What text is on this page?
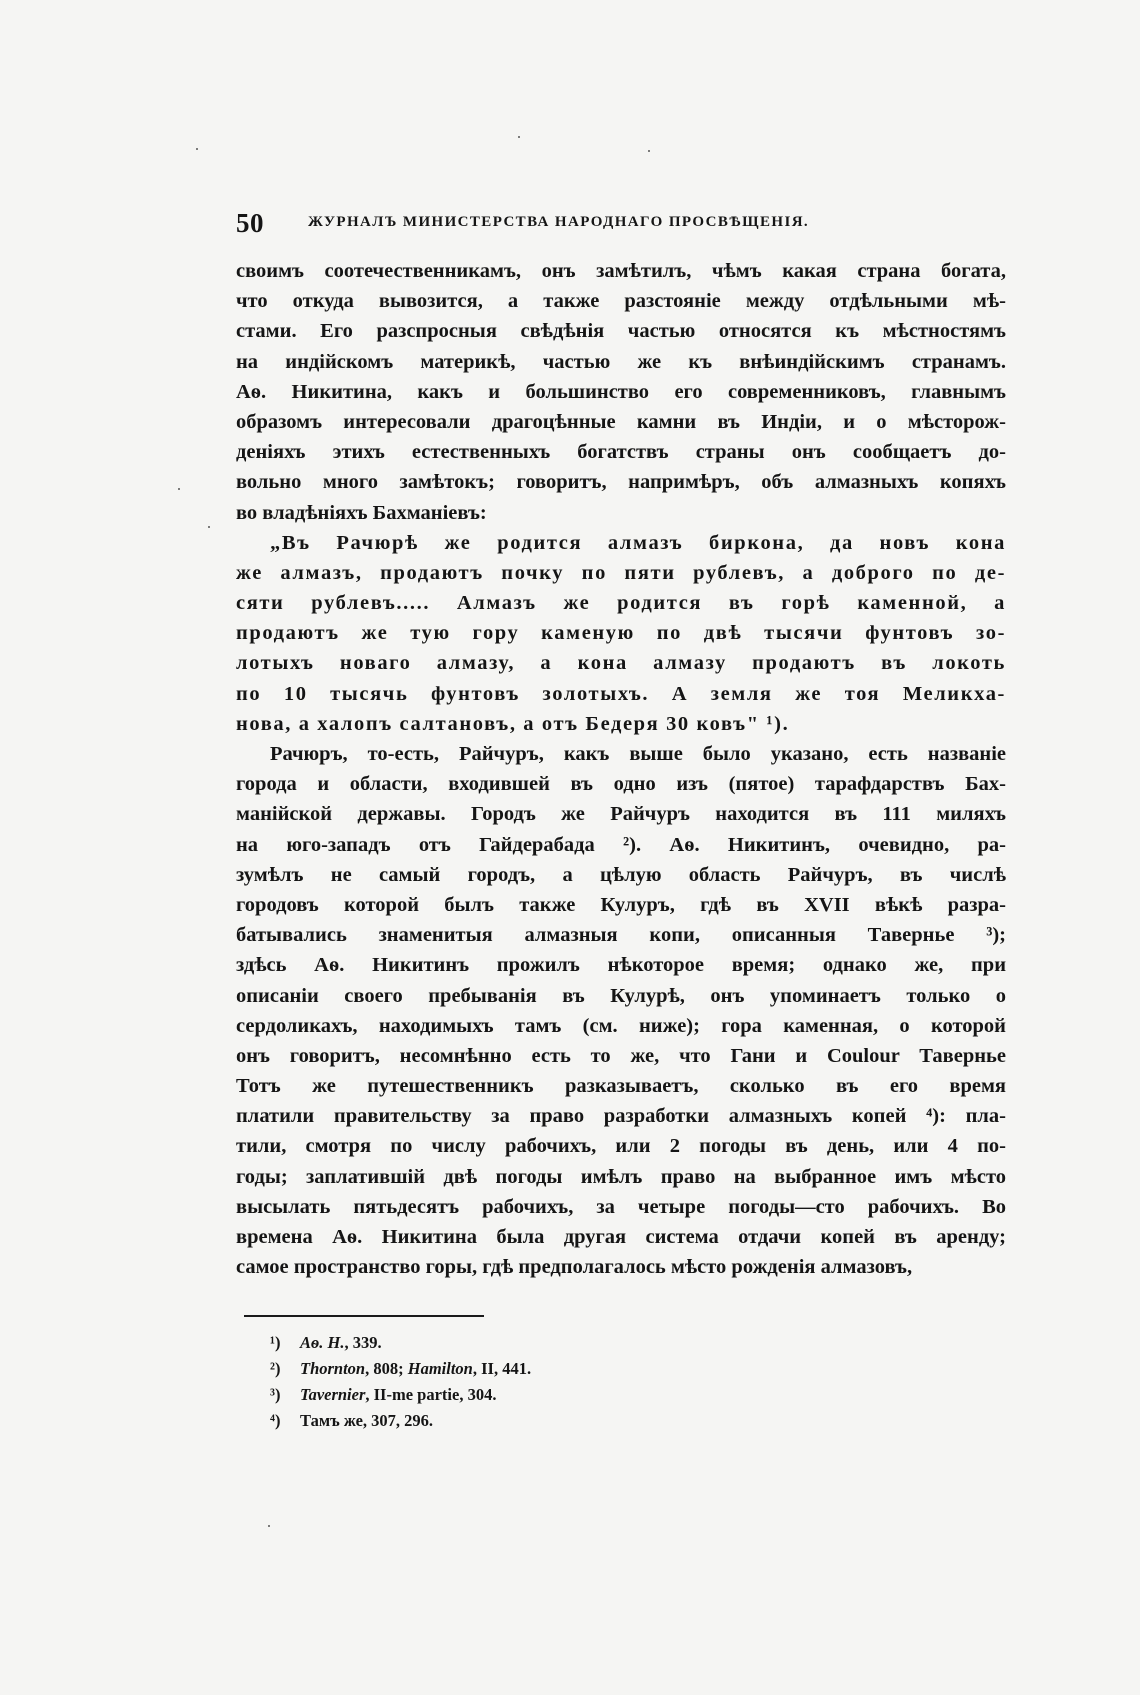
50	ЖУРНАЛЪ МИНИСТЕРСТВА НАРОДНАГО ПРОСВѢЩЕНІЯ.
своимъ соотечественникамъ, онъ замѣтилъ, чѣмъ какая страна богата,
что откуда вывозится, а также разстояніе между отдѣльными мѣ-
стами. Его разспросныя свѣдѣнія частью относятся къ мѣстностямъ
на индійскомъ материкѣ, частью же къ внѣиндійскимъ странамъ.
Аѳ. Никитина, какъ и большинство его современниковъ, главнымъ
образомъ интересовали драгоцѣнные камни въ Индіи, и о мѣсторож-
деніяхъ этихъ естественныхъ богатствъ страны онъ сообщаетъ до-
вольно много замѣтокъ; говоритъ, напримѣръ, объ алмазныхъ копяхъ
во владѣніяхъ Бахманіевъ:
„Въ Рачюрѣ же родится алмазъ биркона, да новъ кона
же алмазъ, продаютъ почку по пяти рублевъ, а доброго по де-
сяти рублевъ..... Алмазъ же родится въ горѣ каменной, а
продаютъ же тую гору каменую по двѣ тысячи фунтовъ зо-
лотыхъ новаго алмазу, а кона алмазу продаютъ въ локоть
по 10 тысячь фунтовъ золотыхъ. А земля же тоя Меликха-
нова, а халопъ салтановъ, а отъ Бедеря 30 ковъ" ¹).
Рачюръ, то-есть, Райчуръ, какъ выше было указано, есть названіе
города и области, входившей въ одно изъ (пятое) тарафдарствъ Бах-
манійской державы. Городъ же Райчуръ находится въ 111 миляхъ
на юго-западъ отъ Гайдерабада ²). Аѳ. Никитинъ, очевидно, ра-
зумѣлъ не самый городъ, а цѣлую область Райчуръ, въ числѣ
городовъ которой былъ также Кулуръ, гдѣ въ XVII вѣкѣ разра-
батывались знаменитыя алмазныя копи, описанныя Тавернье ³);
здѣсь Аѳ. Никитинъ прожилъ нѣкоторое время; однако же, при
описаніи своего пребыванія въ Кулурѣ, онъ упоминаетъ только о
сердоликахъ, находимыхъ тамъ (см. ниже); гора каменная, о которой
онъ говоритъ, несомнѣнно есть то же, что Гани и Coulour Тавернье
Тотъ же путешественникъ разказываетъ, сколько въ его время
платили правительству за право разработки алмазныхъ копей ⁴): пла-
тили, смотря по числу рабочихъ, или 2 погоды въ день, или 4 по-
годы; заплатившій двѣ погоды имѣлъ право на выбранное имъ мѣсто
высылать пятьдесятъ рабочихъ, за четыре погоды—сто рабочихъ. Во
времена Аѳ. Никитина была другая система отдачи копей въ аренду;
самое пространство горы, гдѣ предполагалось мѣсто рожденія алмазовъ,
¹) Аѳ. Н., 339.
²) Thornton, 808; Hamilton, II, 441.
³) Tavernier, II-me partie, 304.
⁴) Тамъ же, 307, 296.
